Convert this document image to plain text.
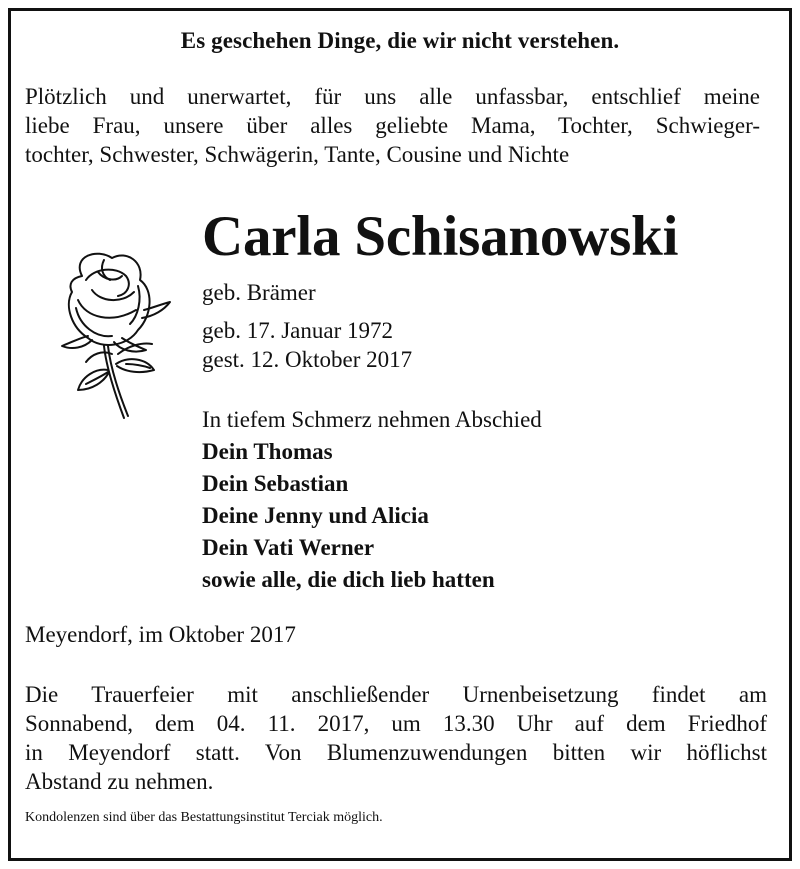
Es geschehen Dinge, die wir nicht verstehen.
Plötzlich und unerwartet, für uns alle unfassbar, entschlief meine
liebe Frau, unsere über alles geliebte Mama, Tochter, Schwieger-
tochter, Schwester, Schwägerin, Tante, Cousine und Nichte
Carla Schisanowski
geb. Brämer
geb. 17. Januar 1972
gest. 12. Oktober 2017
In tiefem Schmerz nehmen Abschied
Dein Thomas
Dein Sebastian
Deine Jenny und Alicia
Dein Vati Werner
sowie alle, die dich lieb hatten
Meyendorf, im Oktober 2017
Die Trauerfeier mit anschließender Urnenbeisetzung findet am
Sonnabend, dem 04. 11. 2017, um 13.30 Uhr auf dem Friedhof
in Meyendorf statt. Von Blumenzuwendungen bitten wir höflichst
Abstand zu nehmen.
Kondolenzen sind über das Bestattungsinstitut Terciak möglich.
